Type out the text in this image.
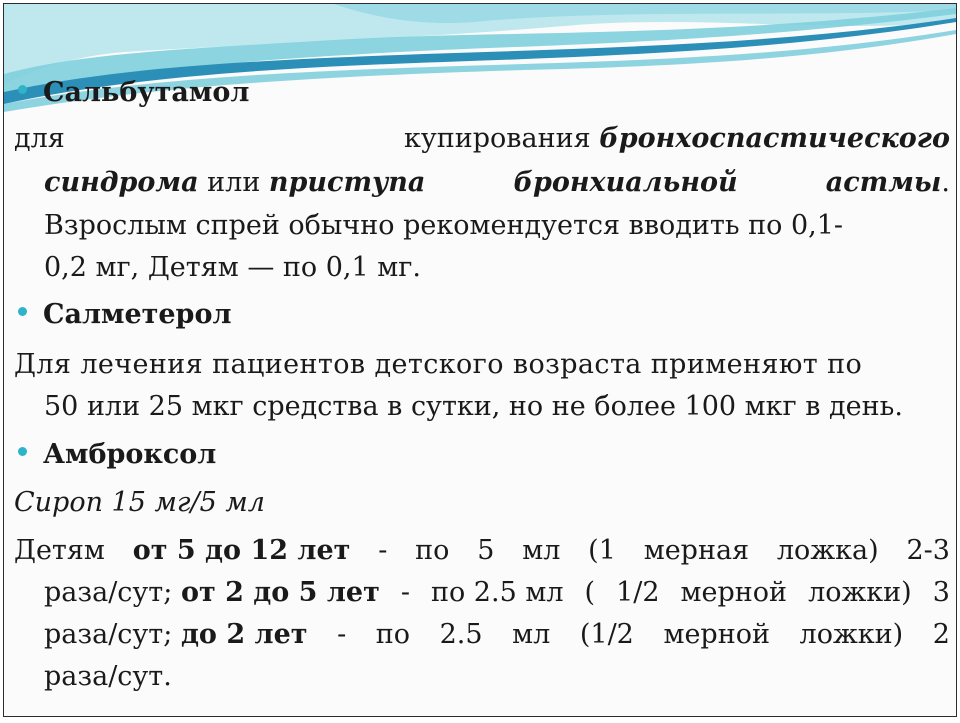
Сальбутамол
для	купирования бронхоспастического
синдрома или приступа	бронхиальной	астмы.
Взрослым спрей обычно рекомендуется вводить по 0,1-
0,2 мг, Детям — по 0,1 мг.
Салметерол
Для лечения пациентов детского возраста применяют по
50 или 25 мкг средства в сутки, но не более 100 мкг в день.
Амброксол
Сироп 15 мг/5 мл
Детям от 5 до 12 лет - по 5 мл (1 мерная ложка) 2-3
раза/сут; от 2 до 5 лет - по 2.5 мл ( 1/2 мерной ложки) 3
раза/сут; до 2 лет - по 2.5 мл (1/2 мерной ложки) 2
раза/сут.
